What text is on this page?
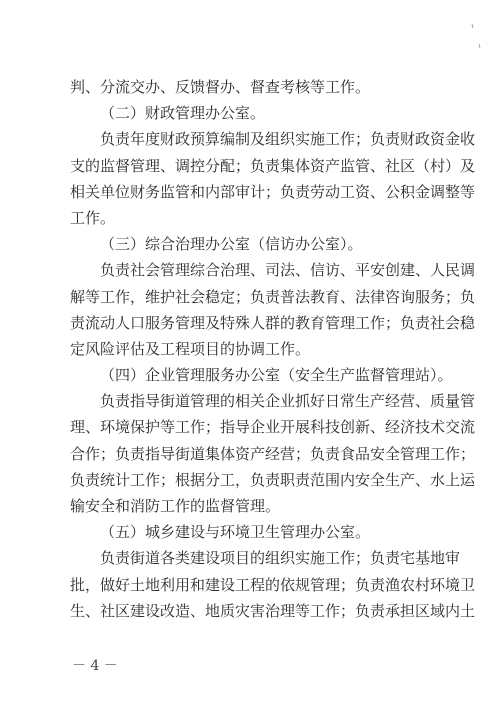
判、分流交办、反馈督办、督查考核等工作。
（二）财政管理办公室。
负责年度财政预算编制及组织实施工作；负责财政资金收
支的监督管理、调控分配；负责集体资产监管、社区（村）及
相关单位财务监管和内部审计；负责劳动工资、公积金调整等
工作。
（三）综合治理办公室（信访办公室）。
负责社会管理综合治理、司法、信访、平安创建、人民调
解等工作，维护社会稳定；负责普法教育、法律咨询服务；负
责流动人口服务管理及特殊人群的教育管理工作；负责社会稳
定风险评估及工程项目的协调工作。
（四）企业管理服务办公室（安全生产监督管理站）。
负责指导街道管理的相关企业抓好日常生产经营、质量管
理、环境保护等工作；指导企业开展科技创新、经济技术交流
合作；负责指导街道集体资产经营；负责食品安全管理工作；
负责统计工作；根据分工，负责职责范围内安全生产、水上运
输安全和消防工作的监督管理。
（五）城乡建设与环境卫生管理办公室。
负责街道各类建设项目的组织实施工作；负责宅基地审
批，做好土地利用和建设工程的依规管理；负责渔农村环境卫
生、社区建设改造、地质灾害治理等工作；负责承担区域内土
－ 4 －
